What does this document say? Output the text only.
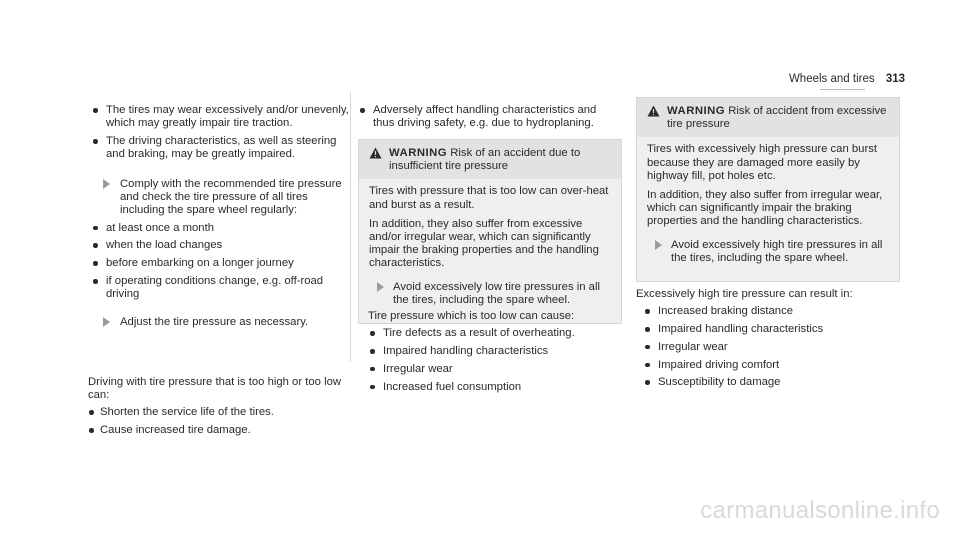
Wheels and tires 313
The tires may wear excessively and/or unevenly, which may greatly impair tire traction.
The driving characteristics, as well as steering and braking, may be greatly impaired.

Comply with the recommended tire pressure and check the tire pressure of all tires including the spare wheel regularly:

at least once a month
when the load changes
before embarking on a longer journey
if operating conditions change, e.g. off-road driving

Adjust the tire pressure as necessary.

Driving with tire pressure that is too high or too low can:

Shorten the service life of the tires.
Cause increased tire damage.
Adversely affect handling characteristics and thus driving safety, e.g. due to hydroplaning.
WARNING Risk of an accident due to insufficient tire pressure

Tires with pressure that is too low can over-heat and burst as a result.

In addition, they also suffer from excessive and/or irregular wear, which can significantly impair the braking properties and the handling characteristics.

Avoid excessively low tire pressures in all the tires, including the spare wheel.

Tire pressure which is too low can cause:

Tire defects as a result of overheating.
Impaired handling characteristics
Irregular wear
Increased fuel consumption
WARNING Risk of accident from excessive tire pressure

Tires with excessively high pressure can burst because they are damaged more easily by highway fill, pot holes etc.

In addition, they also suffer from irregular wear, which can significantly impair the braking properties and the handling characteristics.

Avoid excessively high tire pressures in all the tires, including the spare wheel.

Excessively high tire pressure can result in:

Increased braking distance
Impaired handling characteristics
Irregular wear
Impaired driving comfort
Susceptibility to damage
carmanualsonline.info
